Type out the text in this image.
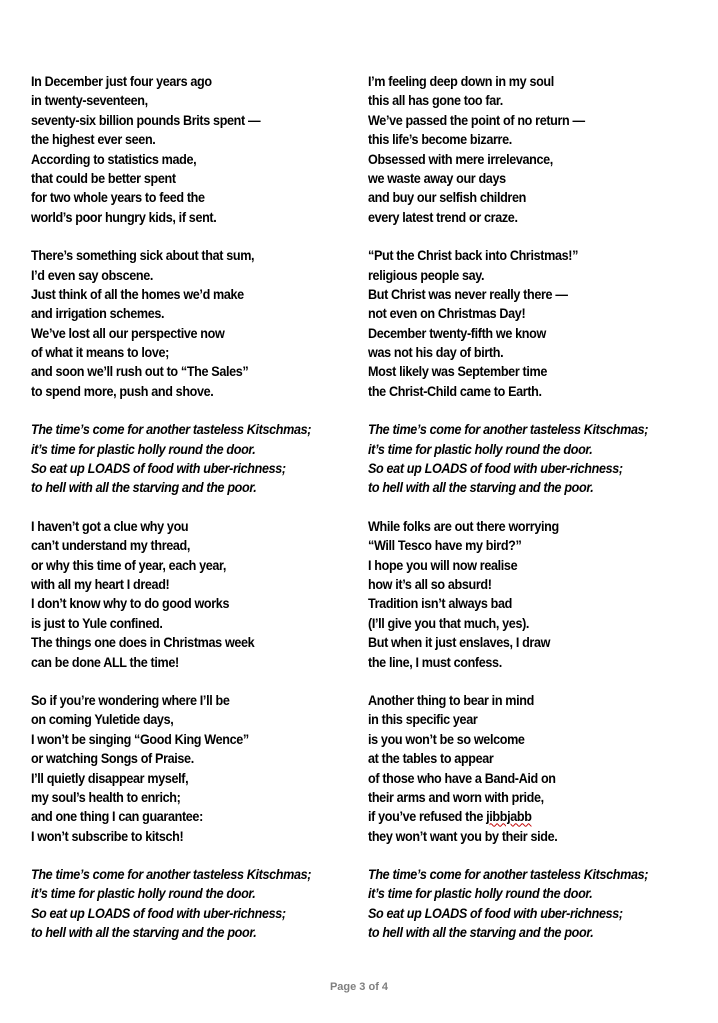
In December just four years ago
in twenty-seventeen,
seventy-six billion pounds Brits spent —
the highest ever seen.
According to statistics made,
that could be better spent
for two whole years to feed the
world’s poor hungry kids, if sent.
There’s something sick about that sum,
I’d even say obscene.
Just think of all the homes we’d make
and irrigation schemes.
We’ve lost all our perspective now
of what it means to love;
and soon we’ll rush out to “The Sales”
to spend more, push and shove.
The time’s come for another tasteless Kitschmas;
it’s time for plastic holly round the door.
So eat up LOADS of food with uber-richness;
to hell with all the starving and the poor.
I haven’t got a clue why you
can’t understand my thread,
or why this time of year, each year,
with all my heart I dread!
I don’t know why to do good works
is just to Yule confined.
The things one does in Christmas week
can be done ALL the time!
So if you’re wondering where I’ll be
on coming Yuletide days,
I won’t be singing “Good King Wence”
or watching Songs of Praise.
I’ll quietly disappear myself,
my soul’s health to enrich;
and one thing I can guarantee:
I won’t subscribe to kitsch!
The time’s come for another tasteless Kitschmas;
it’s time for plastic holly round the door.
So eat up LOADS of food with uber-richness;
to hell with all the starving and the poor.
I’m feeling deep down in my soul
this all has gone too far.
We’ve passed the point of no return —
this life’s become bizarre.
Obsessed with mere irrelevance,
we waste away our days
and buy our selfish children
every latest trend or craze.
“Put the Christ back into Christmas!”
religious people say.
But Christ was never really there —
not even on Christmas Day!
December twenty-fifth we know
was not his day of birth.
Most likely was September time
the Christ-Child came to Earth.
The time’s come for another tasteless Kitschmas;
it’s time for plastic holly round the door.
So eat up LOADS of food with uber-richness;
to hell with all the starving and the poor.
While folks are out there worrying
“Will Tesco have my bird?”
I hope you will now realise
how it’s all so absurd!
Tradition isn’t always bad
(I’ll give you that much, yes).
But when it just enslaves, I draw
the line, I must confess.
Another thing to bear in mind
in this specific year
is you won’t be so welcome
at the tables to appear
of those who have a Band-Aid on
their arms and worn with pride,
if you’ve refused the jibbjabb
they won’t want you by their side.
The time’s come for another tasteless Kitschmas;
it’s time for plastic holly round the door.
So eat up LOADS of food with uber-richness;
to hell with all the starving and the poor.
Page 3 of 4
